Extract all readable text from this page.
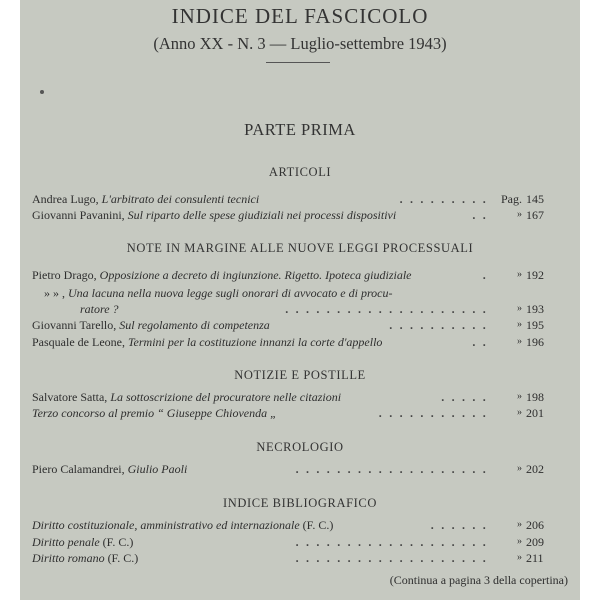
INDICE DEL FASCICOLO
(Anno XX - N. 3 — Luglio-settembre 1943)
PARTE PRIMA
ARTICOLI
Andrea Lugo, L'arbitrato dei consulenti tecnici	. . . . . . . . .	Pag. 145
Giovanni Pavanini, Sul riparto delle spese giudiziali nei processi dispositivi	. .	» 167
NOTE IN MARGINE ALLE NUOVE LEGGI PROCESSUALI
Pietro Drago, Opposizione a decreto di ingiunzione. Rigetto. Ipoteca giudiziale	.	» 192
» » , Una lacuna nella nuova legge sugli onorari di avvocato e di procu-
ratore ?	. . . . . . . . . . . . . . . . . . . .	» 193
Giovanni Tarello, Sul regolamento di competenza	. . . . . . . . . .	» 195
Pasquale de Leone, Termini per la costituzione innanzi la corte d'appello	. .	» 196
NOTIZIE E POSTILLE
Salvatore Satta, La sottoscrizione del procuratore nelle citazioni	. . . . .	» 198
Terzo concorso al premio “ Giuseppe Chiovenda „	. . . . . . . . . . .	» 201
NECROLOGIO
Piero Calamandrei, Giulio Paoli	. . . . . . . . . . . . . . . . . . .	» 202
INDICE BIBLIOGRAFICO
Diritto costituzionale, amministrativo ed internazionale (F. C.)	. . . . . .	» 206
Diritto penale (F. C.)	. . . . . . . . . . . . . . . . . . .	» 209
Diritto romano (F. C.)	. . . . . . . . . . . . . . . . . . .	» 211
(Continua a pagina 3 della copertina)
